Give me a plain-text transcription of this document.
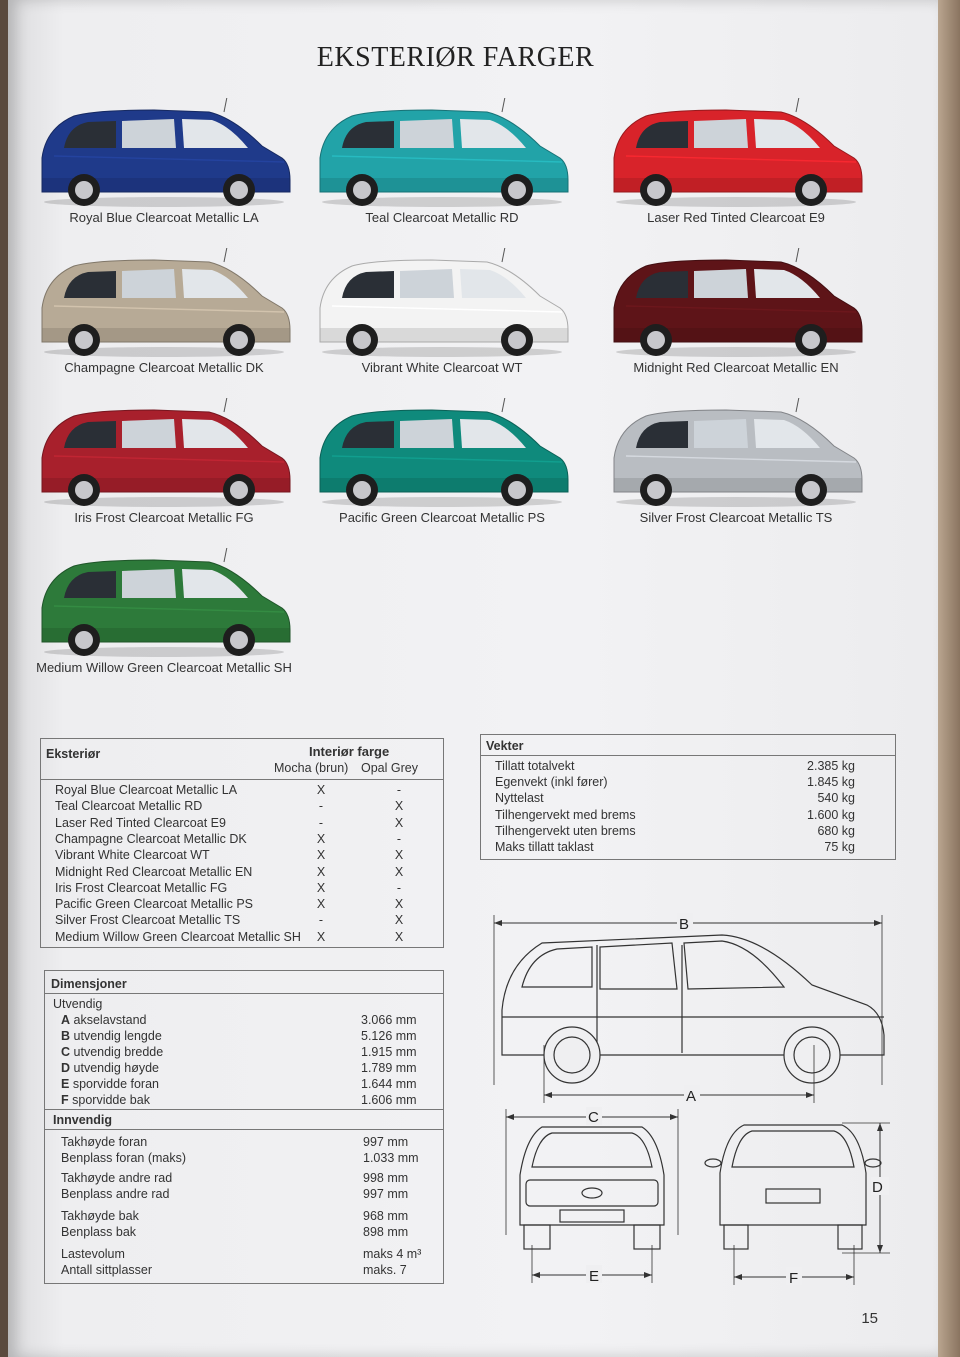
EKSTERIØR FARGER
Royal Blue Clearcoat Metallic LA	Teal Clearcoat Metallic RD	Laser Red Tinted Clearcoat E9
Champagne Clearcoat Metallic DK	Vibrant White Clearcoat WT	Midnight Red Clearcoat Metallic EN
Iris Frost Clearcoat Metallic FG	Pacific Green Clearcoat Metallic PS	Silver Frost Clearcoat Metallic TS
Medium Willow Green Clearcoat Metallic SH
Eksteriør	Interiør farge
Mocha (brun) Opal Grey
Royal Blue Clearcoat Metallic LA	X	-
Teal Clearcoat Metallic RD	-	X
Laser Red Tinted Clearcoat E9	-	X
Champagne Clearcoat Metallic DK	X	-
Vibrant White Clearcoat WT	X	X
Midnight Red Clearcoat Metallic EN	X	X
Iris Frost Clearcoat Metallic FG	X	-
Pacific Green Clearcoat Metallic PS	X	X
Silver Frost Clearcoat Metallic TS	-	X
Medium Willow Green Clearcoat Metallic SH	X	X
Vekter
Tillatt totalvekt	2.385 kg
Egenvekt (inkl fører)	1.845 kg
Nyttelast	540 kg
Tilhengervekt med brems	1.600 kg
Tilhengervekt uten brems	680 kg
Maks tillatt taklast	75 kg
Dimensjoner
Utvendig
A akselavstand	3.066 mm
B utvendig lengde	5.126 mm
C utvendig bredde	1.915 mm
D utvendig høyde	1.789 mm
E sporvidde foran	1.644 mm
F sporvidde bak	1.606 mm
Innvendig
Takhøyde foran	997 mm
Benplass foran (maks)	1.033 mm
Takhøyde andre rad	998 mm
Benplass andre rad	997 mm
Takhøyde bak	968 mm
Benplass bak	898 mm
Lastevolum	maks 4 m³
Antall sittplasser	maks. 7
B
A
C
E
D
F
15
